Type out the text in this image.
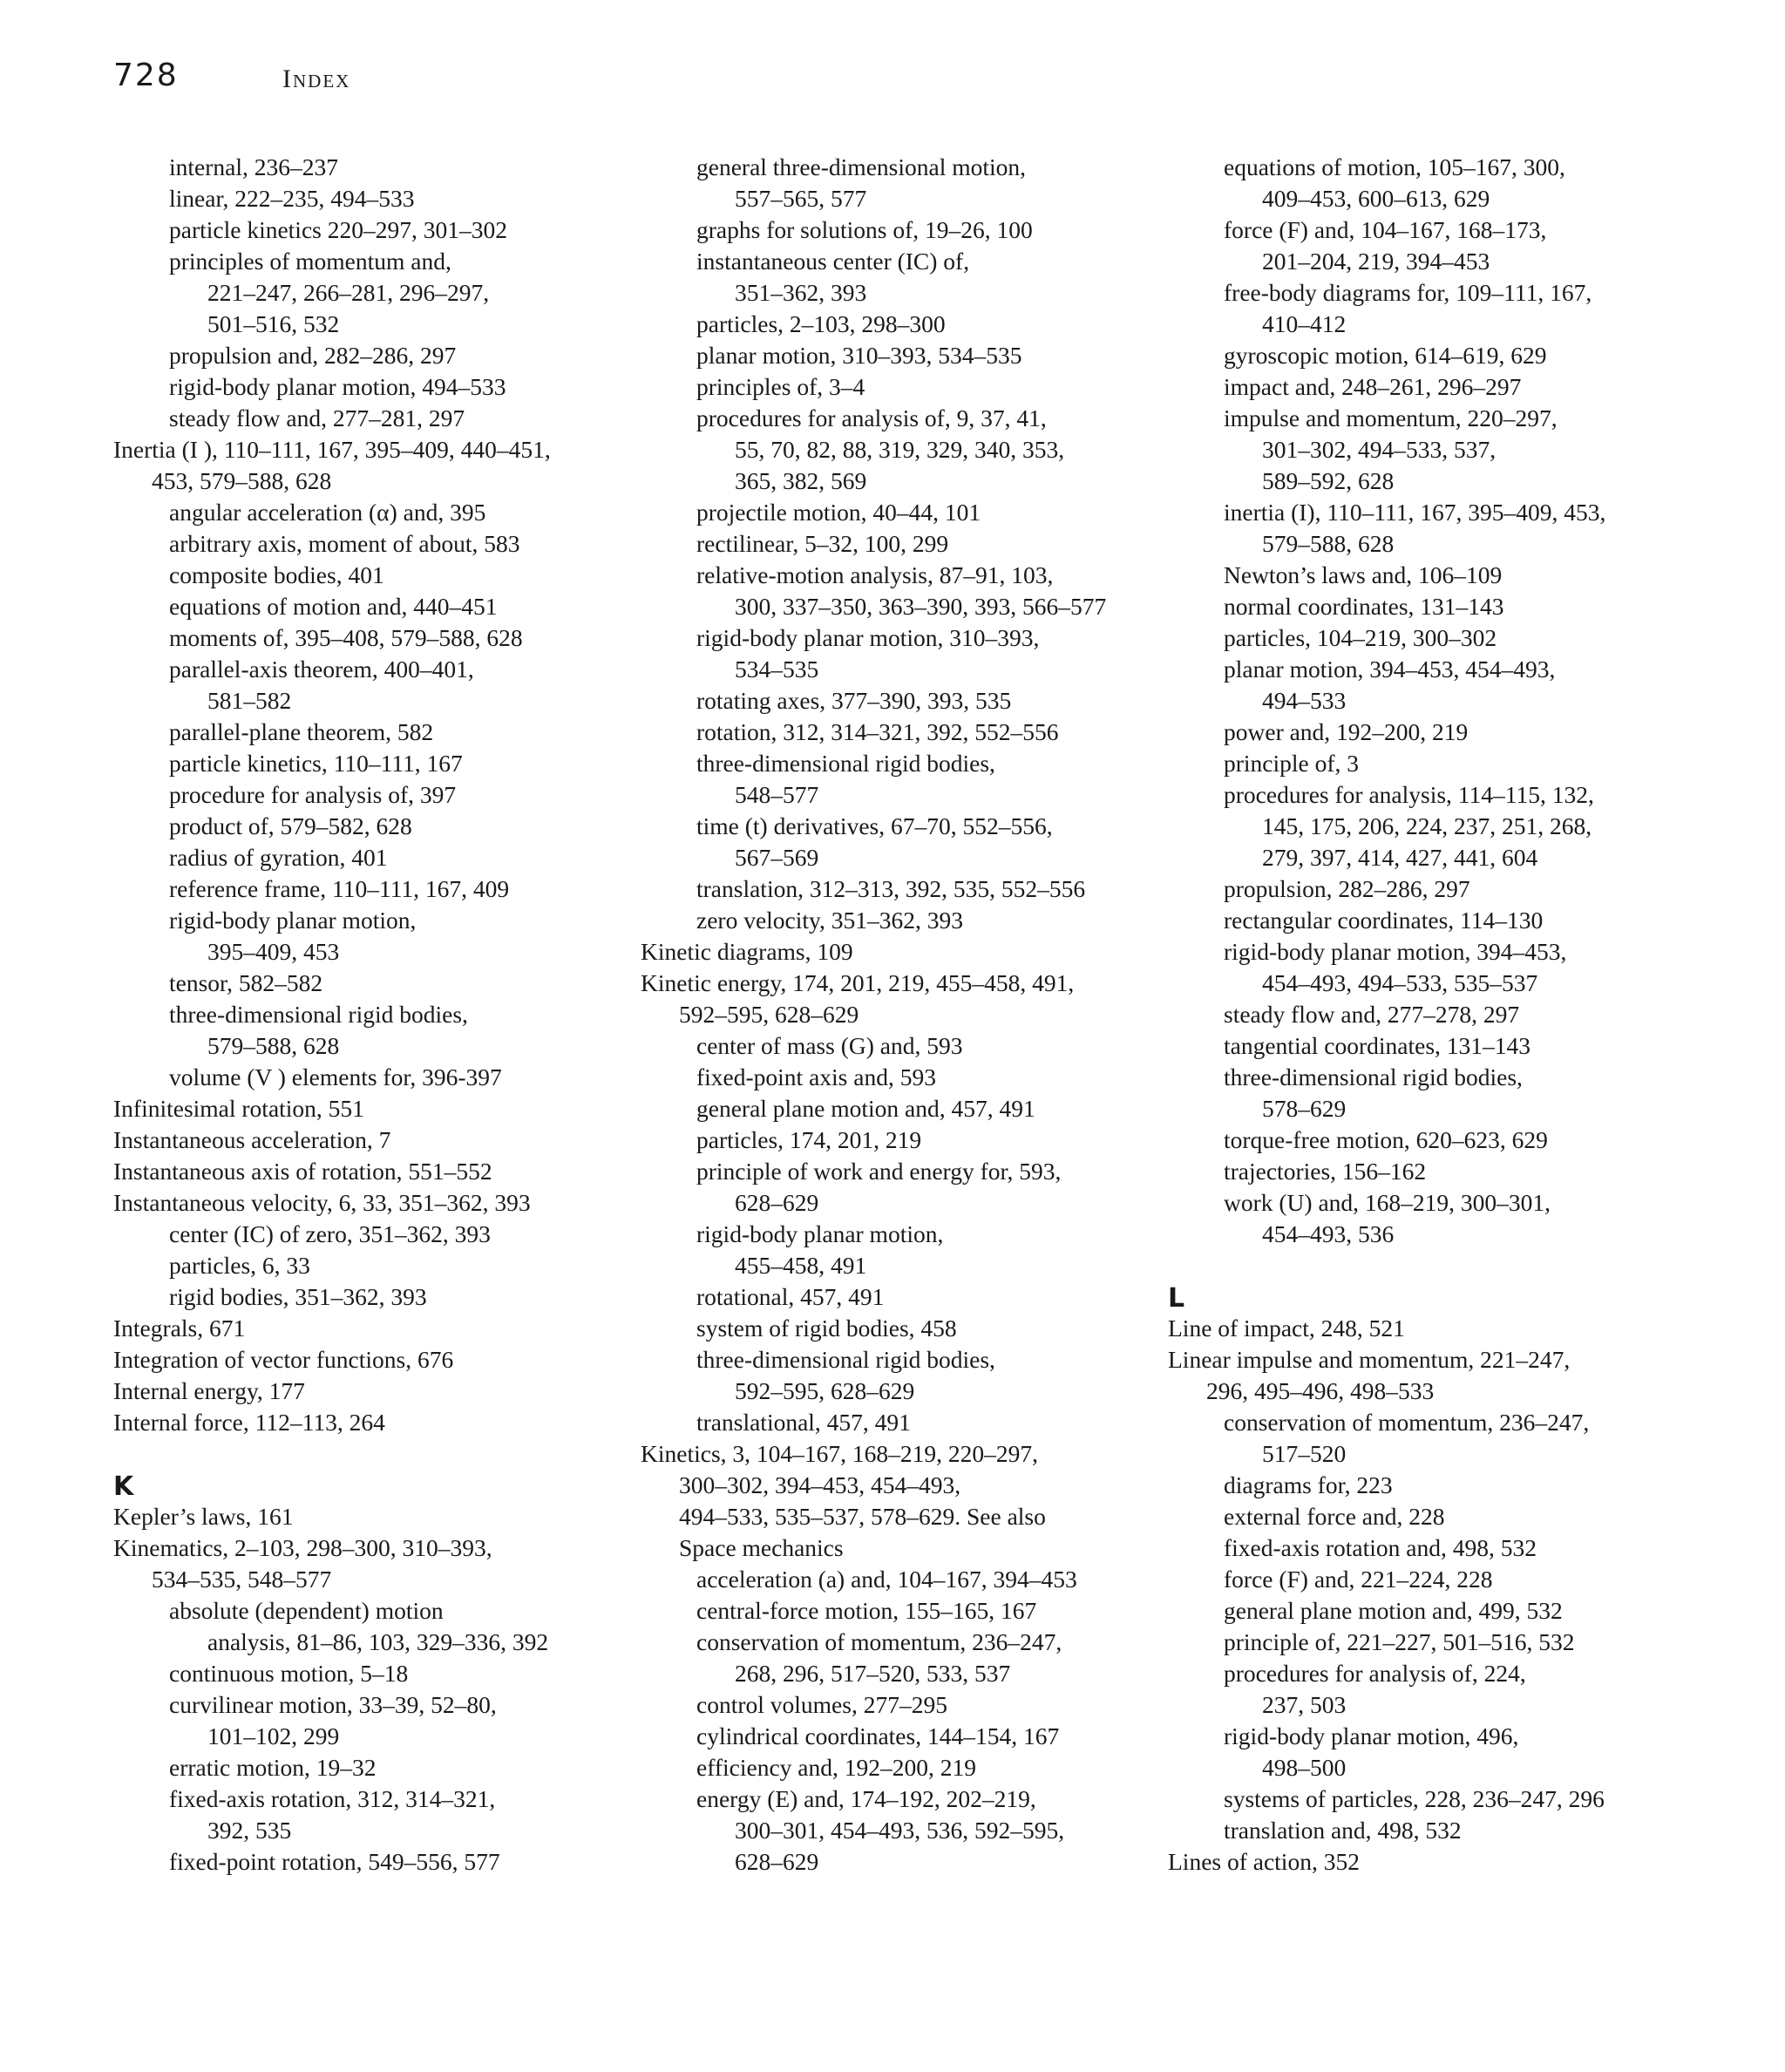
728	Index
internal, 236–237
linear, 222–235, 494–533
particle kinetics 220–297, 301–302
principles of momentum and,
221–247, 266–281, 296–297,
501–516, 532
propulsion and, 282–286, 297
rigid-body planar motion, 494–533
steady flow and, 277–281, 297
Inertia (I ), 110–111, 167, 395–409, 440–451,
453, 579–588, 628
angular acceleration (α) and, 395
arbitrary axis, moment of about, 583
composite bodies, 401
equations of motion and, 440–451
moments of, 395–408, 579–588, 628
parallel-axis theorem, 400–401,
581–582
parallel-plane theorem, 582
particle kinetics, 110–111, 167
procedure for analysis of, 397
product of, 579–582, 628
radius of gyration, 401
reference frame, 110–111, 167, 409
rigid-body planar motion,
395–409, 453
tensor, 582–582
three-dimensional rigid bodies,
579–588, 628
volume (V ) elements for, 396-397
Infinitesimal rotation, 551
Instantaneous acceleration, 7
Instantaneous axis of rotation, 551–552
Instantaneous velocity, 6, 33, 351–362, 393
center (IC) of zero, 351–362, 393
particles, 6, 33
rigid bodies, 351–362, 393
Integrals, 671
Integration of vector functions, 676
Internal energy, 177
Internal force, 112–113, 264
K
Kepler’s laws, 161
Kinematics, 2–103, 298–300, 310–393,
534–535, 548–577
absolute (dependent) motion
analysis, 81–86, 103, 329–336, 392
continuous motion, 5–18
curvilinear motion, 33–39, 52–80,
101–102, 299
erratic motion, 19–32
fixed-axis rotation, 312, 314–321,
392, 535
fixed-point rotation, 549–556, 577
general three-dimensional motion,
557–565, 577
graphs for solutions of, 19–26, 100
instantaneous center (IC) of,
351–362, 393
particles, 2–103, 298–300
planar motion, 310–393, 534–535
principles of, 3–4
procedures for analysis of, 9, 37, 41,
55, 70, 82, 88, 319, 329, 340, 353,
365, 382, 569
projectile motion, 40–44, 101
rectilinear, 5–32, 100, 299
relative-motion analysis, 87–91, 103,
300, 337–350, 363–390, 393, 566–577
rigid-body planar motion, 310–393,
534–535
rotating axes, 377–390, 393, 535
rotation, 312, 314–321, 392, 552–556
three-dimensional rigid bodies,
548–577
time (t) derivatives, 67–70, 552–556,
567–569
translation, 312–313, 392, 535, 552–556
zero velocity, 351–362, 393
Kinetic diagrams, 109
Kinetic energy, 174, 201, 219, 455–458, 491,
592–595, 628–629
center of mass (G) and, 593
fixed-point axis and, 593
general plane motion and, 457, 491
particles, 174, 201, 219
principle of work and energy for, 593,
628–629
rigid-body planar motion,
455–458, 491
rotational, 457, 491
system of rigid bodies, 458
three-dimensional rigid bodies,
592–595, 628–629
translational, 457, 491
Kinetics, 3, 104–167, 168–219, 220–297,
300–302, 394–453, 454–493,
494–533, 535–537, 578–629. See also
Space mechanics
acceleration (a) and, 104–167, 394–453
central-force motion, 155–165, 167
conservation of momentum, 236–247,
268, 296, 517–520, 533, 537
control volumes, 277–295
cylindrical coordinates, 144–154, 167
efficiency and, 192–200, 219
energy (E) and, 174–192, 202–219,
300–301, 454–493, 536, 592–595,
628–629
equations of motion, 105–167, 300,
409–453, 600–613, 629
force (F) and, 104–167, 168–173,
201–204, 219, 394–453
free-body diagrams for, 109–111, 167,
410–412
gyroscopic motion, 614–619, 629
impact and, 248–261, 296–297
impulse and momentum, 220–297,
301–302, 494–533, 537,
589–592, 628
inertia (I), 110–111, 167, 395–409, 453,
579–588, 628
Newton’s laws and, 106–109
normal coordinates, 131–143
particles, 104–219, 300–302
planar motion, 394–453, 454–493,
494–533
power and, 192–200, 219
principle of, 3
procedures for analysis, 114–115, 132,
145, 175, 206, 224, 237, 251, 268,
279, 397, 414, 427, 441, 604
propulsion, 282–286, 297
rectangular coordinates, 114–130
rigid-body planar motion, 394–453,
454–493, 494–533, 535–537
steady flow and, 277–278, 297
tangential coordinates, 131–143
three-dimensional rigid bodies,
578–629
torque-free motion, 620–623, 629
trajectories, 156–162
work (U) and, 168–219, 300–301,
454–493, 536
L
Line of impact, 248, 521
Linear impulse and momentum, 221–247,
296, 495–496, 498–533
conservation of momentum, 236–247,
517–520
diagrams for, 223
external force and, 228
fixed-axis rotation and, 498, 532
force (F) and, 221–224, 228
general plane motion and, 499, 532
principle of, 221–227, 501–516, 532
procedures for analysis of, 224,
237, 503
rigid-body planar motion, 496,
498–500
systems of particles, 228, 236–247, 296
translation and, 498, 532
Lines of action, 352
